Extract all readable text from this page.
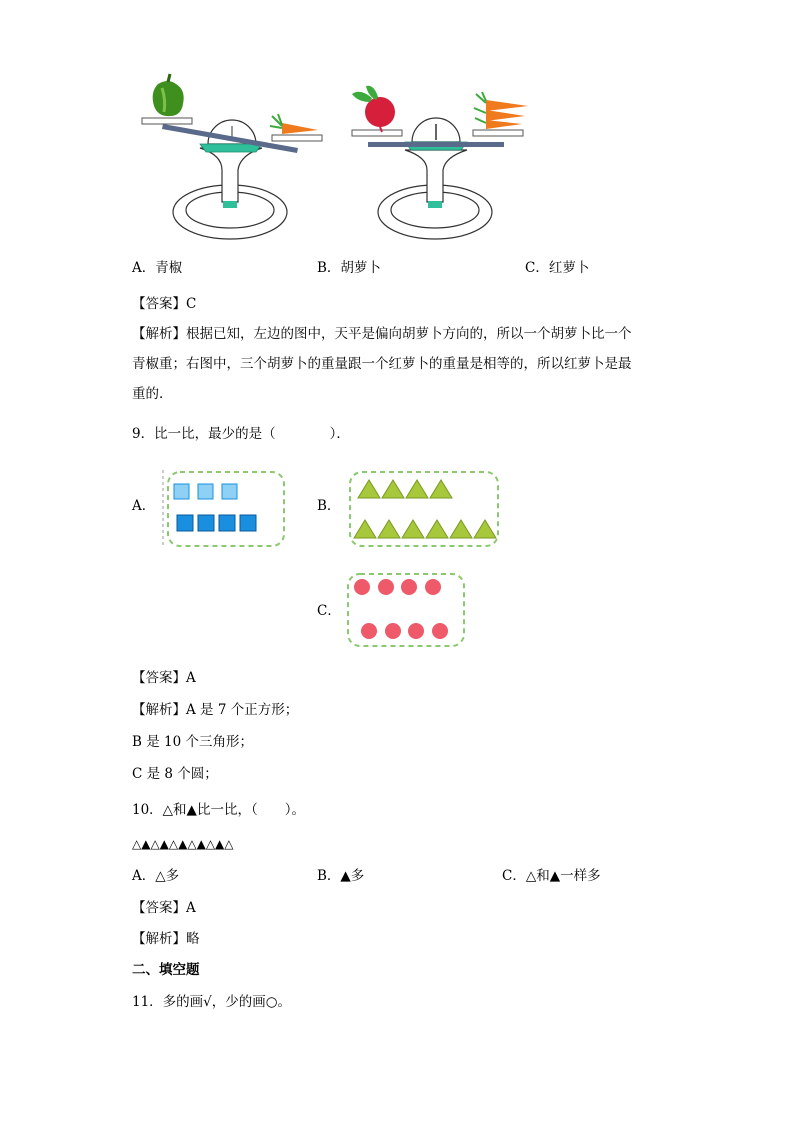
A．青椒	B．胡萝卜	C．红萝卜
【答案】C
【解析】根据已知，左边的图中，天平是偏向胡萝卜方向的，所以一个胡萝卜比一个
青椒重；右图中，三个胡萝卜的重量跟一个红萝卜的重量是相等的，所以红萝卜是最
重的．
9．比一比，最少的是（　　　　）．
A．	B．
C．
【答案】A
【解析】A 是 7 个正方形；
B 是 10 个三角形；
C 是 8 个圆；
10．△和▲比一比，（　　）。
△▲△▲△▲△▲△▲△
A．△多	B．▲多	C．△和▲一样多
【答案】A
【解析】略
二、填空题
11．多的画√，少的画○。
